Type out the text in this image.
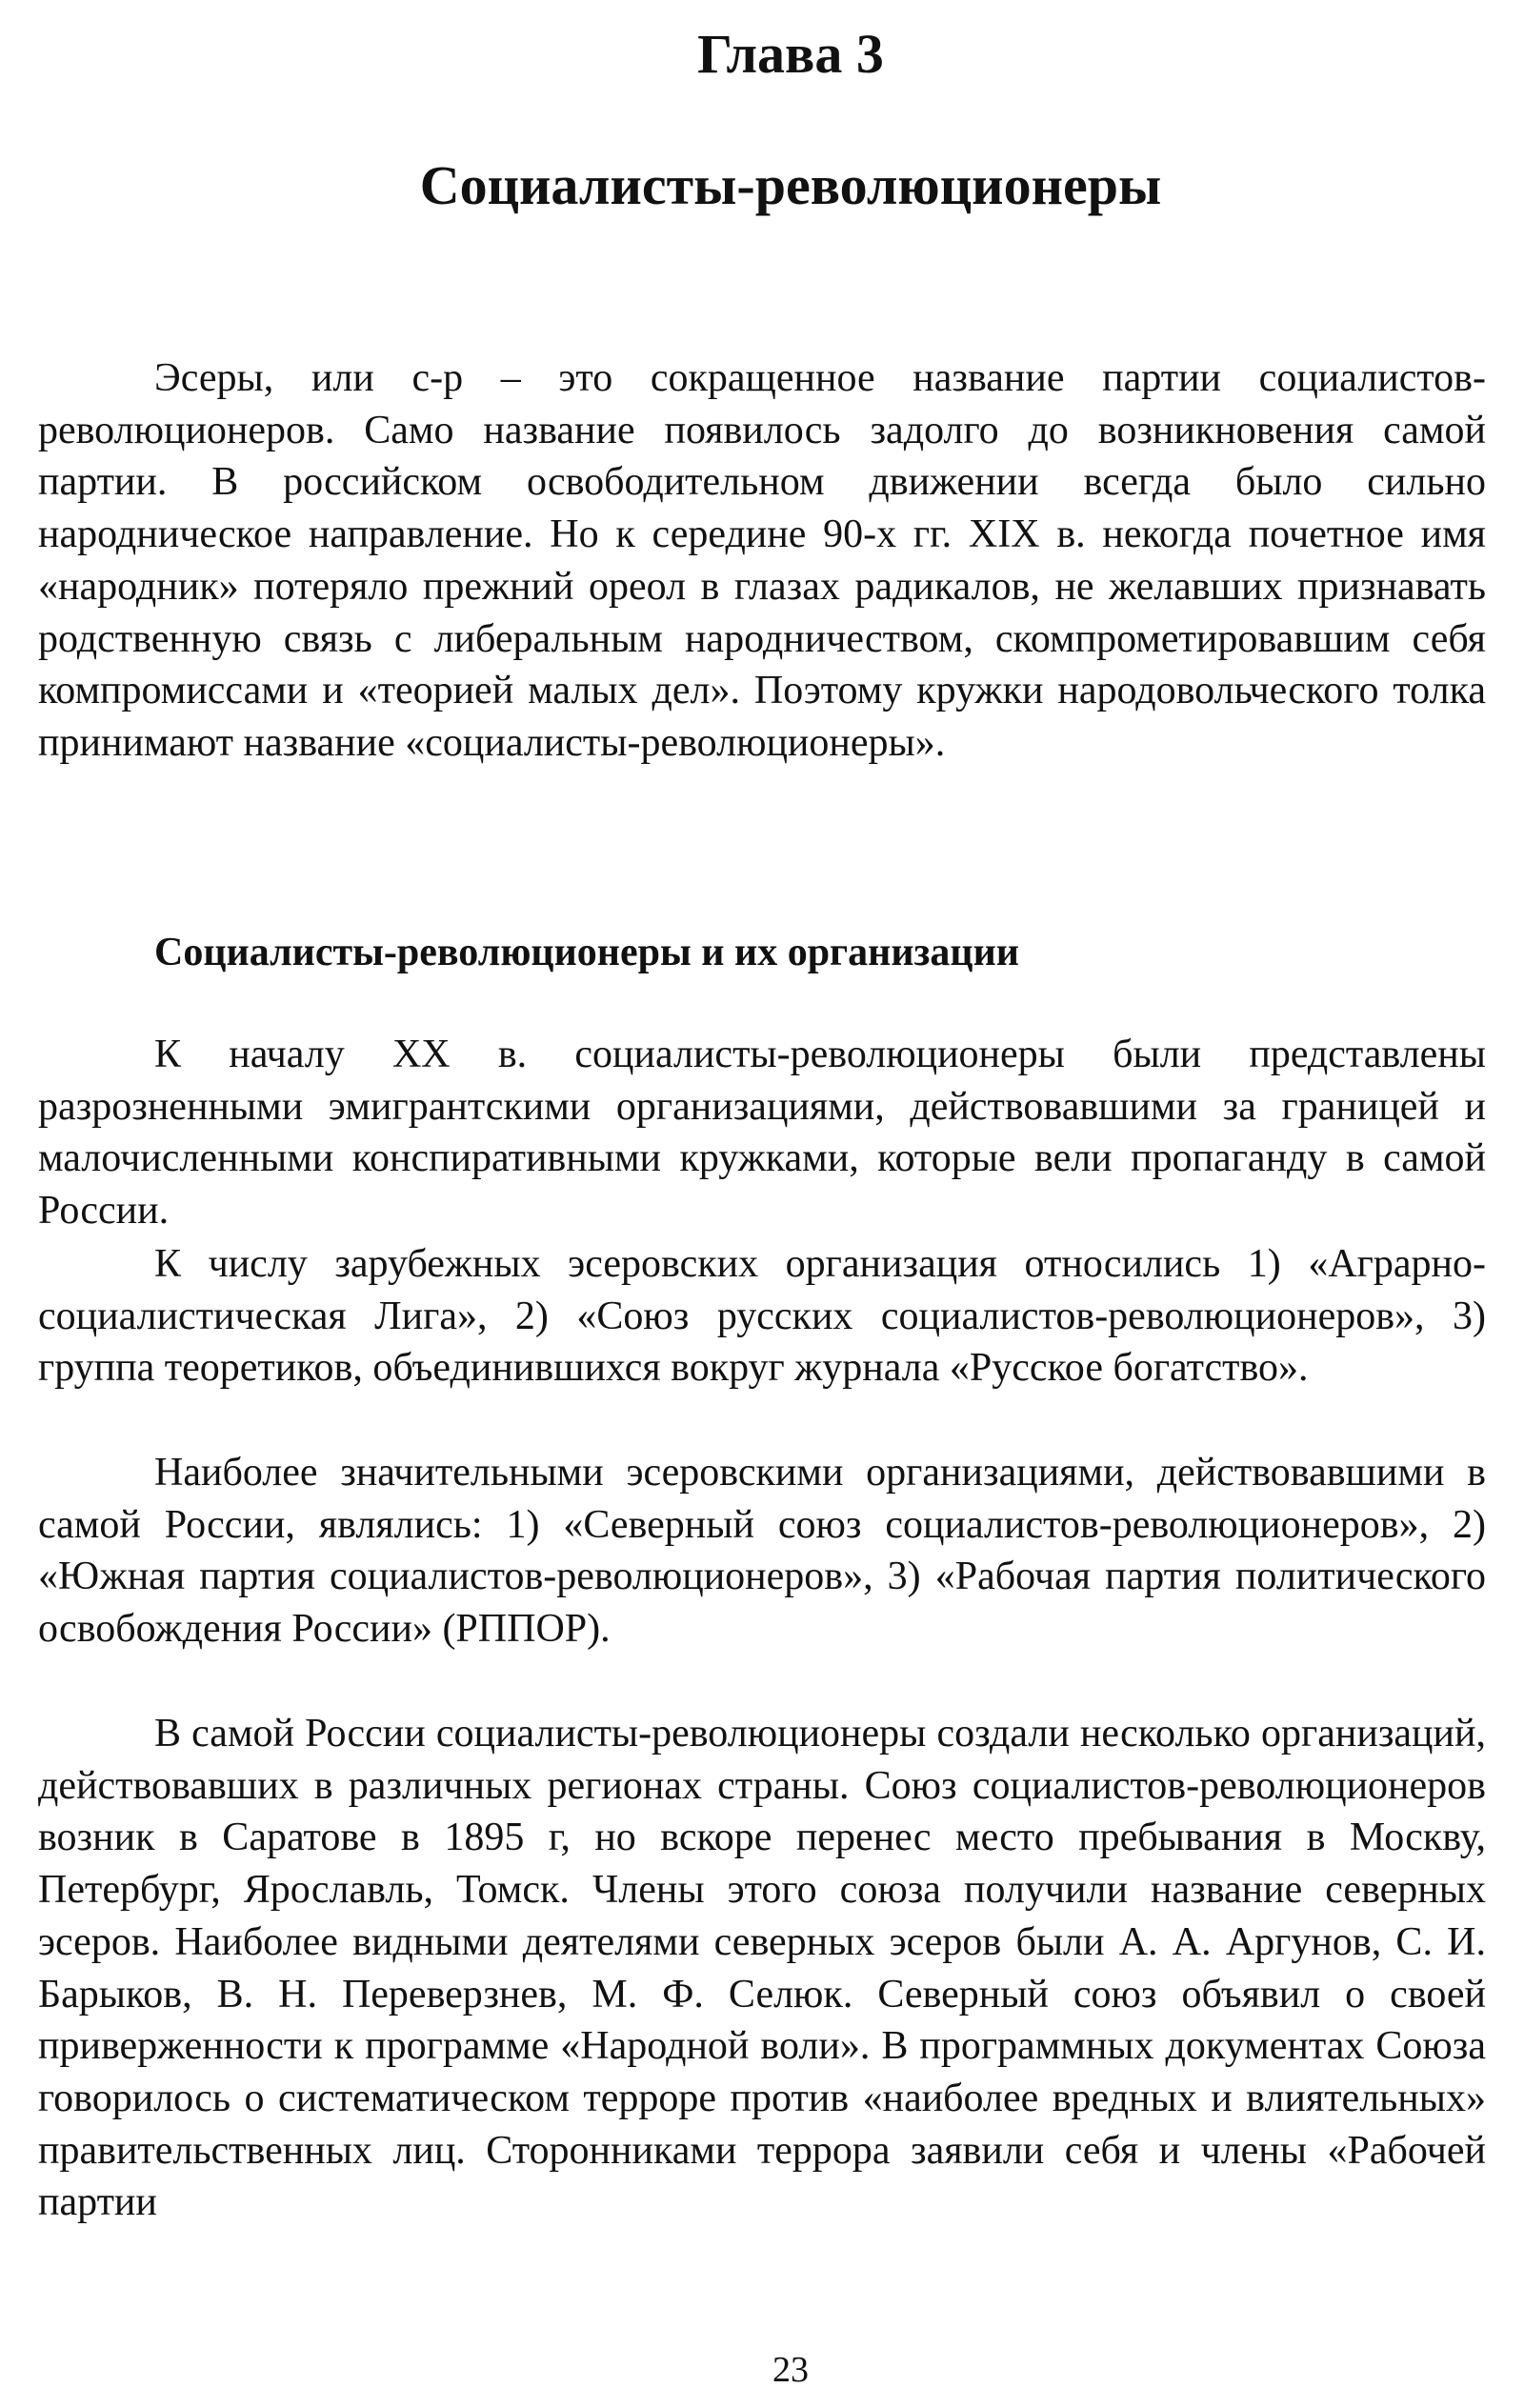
Глава 3
Социалисты-революционеры

Эсеры, или с-р – это сокращенное название партии социалистов-революционеров. Само название появилось задолго до возникновения самой партии. В российском освободительном движении всегда было сильно народническое направление. Но к середине 90-х гг. XIX в. некогда почетное имя «народник» потеряло прежний ореол в глазах радикалов, не желавших признавать родственную связь с либеральным народничеством, скомпрометировавшим себя компромиссами и «теорией малых дел». Поэтому кружки народовольческого толка принимают название «социалисты-революционеры».

Социалисты-революционеры и их организации

К началу XX в. социалисты-революционеры были представлены разрозненными эмигрантскими организациями, действовавшими за границей и малочисленными конспиративными кружками, которые вели пропаганду в самой России.

К числу зарубежных эсеровских организация относились 1) «Аграрно-социалистическая Лига», 2) «Союз русских социалистов-революционеров», 3) группа теоретиков, объединившихся вокруг журнала «Русское богатство».

Наиболее значительными эсеровскими организациями, действовавшими в самой России, являлись: 1) «Северный союз социалистов-революционеров», 2) «Южная партия социалистов-революционеров», 3) «Рабочая партия политического освобождения России» (РППОР).

В самой России социалисты-революционеры создали несколько организаций, действовавших в различных регионах страны. Союз социалистов-революционеров возник в Саратове в 1895 г, но вскоре перенес место пребывания в Москву, Петербург, Ярославль, Томск. Члены этого союза получили название северных эсеров. Наиболее видными деятелями северных эсеров были А. А. Аргунов, С. И. Барыков, В. Н. Переверзнев, М. Ф. Селюк. Северный союз объявил о своей приверженности к программе «Народной воли». В программных документах Союза говорилось о систематическом терроре против «наиболее вредных и влиятельных» правительственных лиц. Сторонниками террора заявили себя и члены «Рабочей партии

23
